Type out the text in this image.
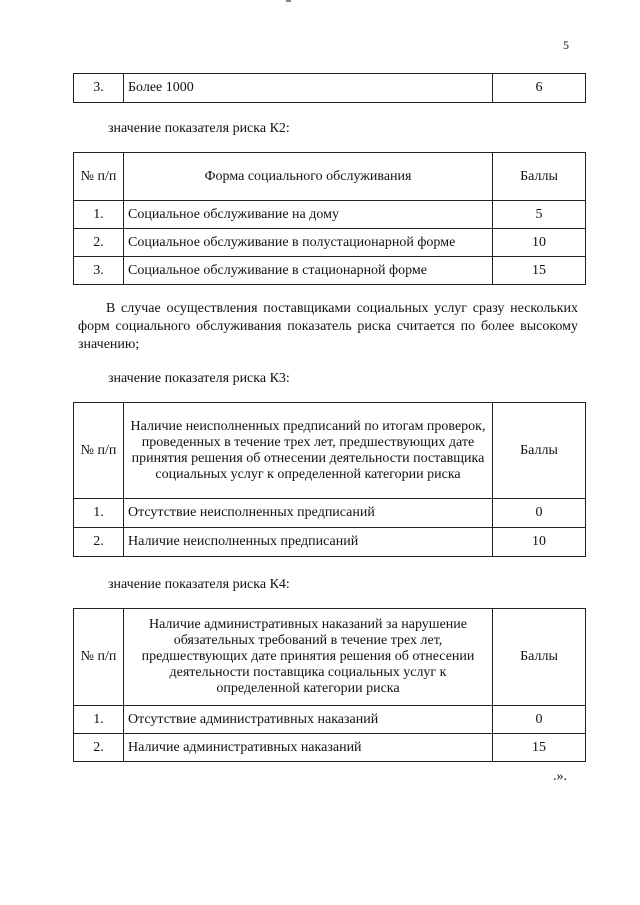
5
3.	Более 1000	6
значение показателя риска К2:
№ п/п	Форма социального обслуживания	Баллы
1.	Социальное обслуживание на дому	5
2.	Социальное обслуживание в полустационарной форме	10
3.	Социальное обслуживание в стационарной форме	15
В случае осуществления поставщиками социальных услуг сразу нескольких форм социального обслуживания показатель риска считается по более высокому значению;
значение показателя риска К3:
№ п/п	Наличие неисполненных предписаний по итогам проверок, проведенных в течение трех лет, предшествующих дате принятия решения об отнесении деятельности поставщика социальных услуг к определенной категории риска	Баллы
1.	Отсутствие неисполненных предписаний	0
2.	Наличие неисполненных предписаний	10
значение показателя риска К4:
№ п/п	Наличие административных наказаний за нарушение обязательных требований в течение трех лет, предшествующих дате принятия решения об отнесении деятельности поставщика социальных услуг к определенной категории риска	Баллы
1.	Отсутствие административных наказаний	0
2.	Наличие административных наказаний	15
.».
